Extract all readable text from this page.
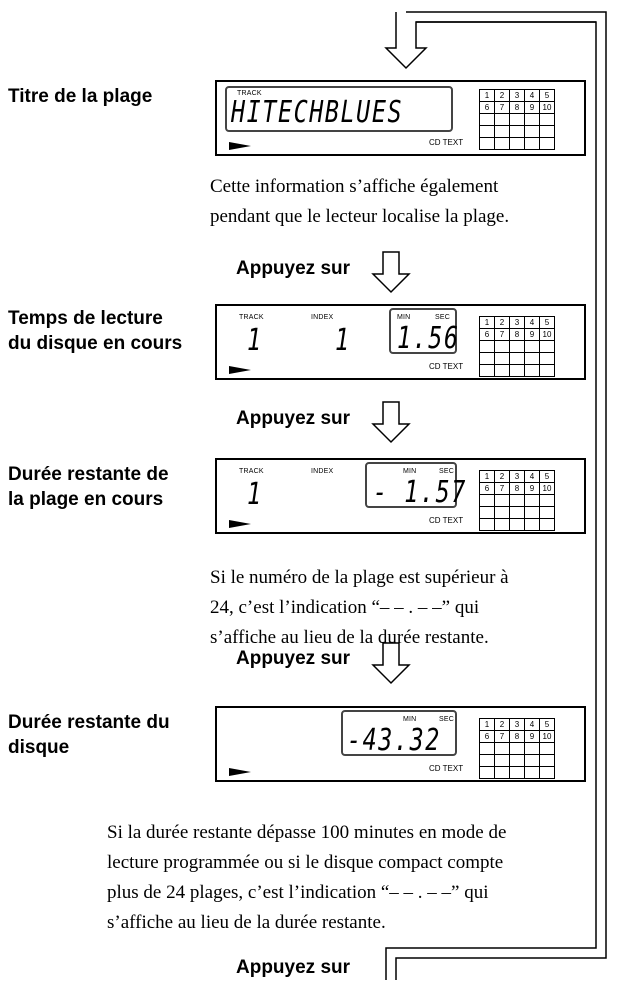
Titre de la plage	TRACK
HITECHBLUES
CD TEXT
1	2	3	4	5
6	7	8	9	10

Cette information s’affiche également
pendant que le lecteur localise la plage.
Appuyez sur
Temps de lecture
du disque en cours
TRACK	INDEX
1 1
MIN	SEC
1.56
CD TEXT
1	2	3	4	5
6	7	8	9	10

Appuyez sur
Durée restante de
la plage en cours
TRACK	INDEX
1
MIN	SEC
- 1.57
CD TEXT
1	2	3	4	5
6	7	8	9	10

Si le numéro de la plage est supérieur à
24, c’est l’indication “– – . – –” qui
s’affiche au lieu de la durée restante.
Appuyez sur
Durée restante du
disque
MIN	SEC
-43.32
CD TEXT
1	2	3	4	5
6	7	8	9	10

Si la durée restante dépasse 100 minutes en mode de
lecture programmée ou si le disque compact compte
plus de 24 plages, c’est l’indication “– – . – –” qui
s’affiche au lieu de la durée restante.
Appuyez sur
